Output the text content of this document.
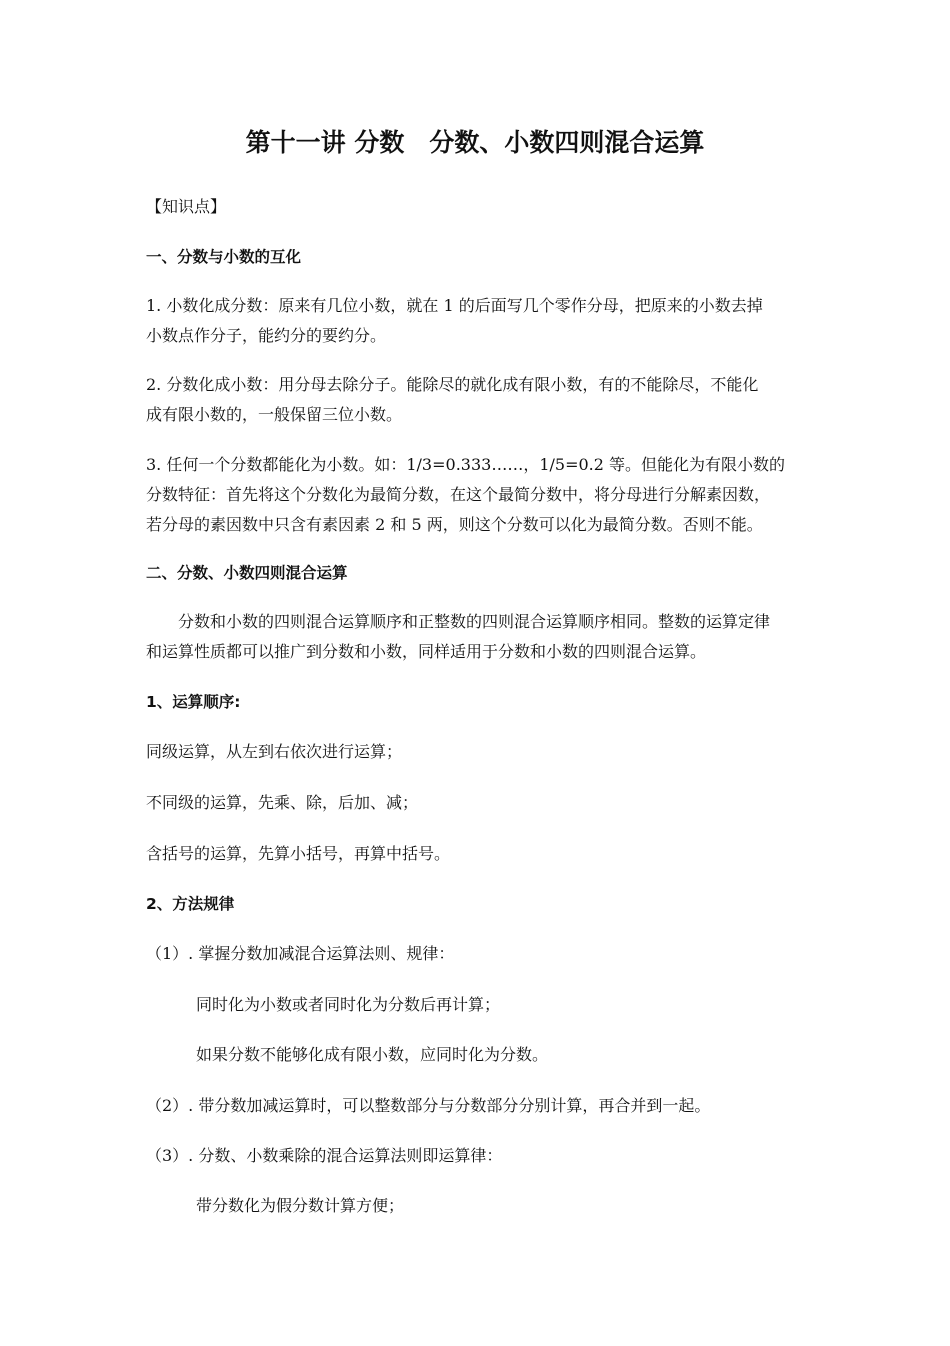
第十一讲 分数　分数、小数四则混合运算

【知识点】

一、分数与小数的互化

1. 小数化成分数：原来有几位小数，就在 1 的后面写几个零作分母，把原来的小数去掉
小数点作分子，能约分的要约分。
2. 分数化成小数：用分母去除分子。能除尽的就化成有限小数，有的不能除尽，不能化
成有限小数的，一般保留三位小数。
3. 任何一个分数都能化为小数。如：1/3=0.333……，1/5=0.2 等。但能化为有限小数的
分数特征：首先将这个分数化为最简分数，在这个最简分数中，将分母进行分解素因数，
若分母的素因数中只含有素因素 2 和 5 两，则这个分数可以化为最简分数。否则不能。

二、分数、小数四则混合运算

分数和小数的四则混合运算顺序和正整数的四则混合运算顺序相同。整数的运算定律
和运算性质都可以推广到分数和小数，同样适用于分数和小数的四则混合运算。

1、运算顺序:

同级运算，从左到右依次进行运算；

不同级的运算，先乘、除，后加、减；

含括号的运算，先算小括号，再算中括号。

2、方法规律

（1）. 掌握分数加减混合运算法则、规律：

同时化为小数或者同时化为分数后再计算；

如果分数不能够化成有限小数，应同时化为分数。

（2）. 带分数加减运算时，可以整数部分与分数部分分别计算，再合并到一起。

（3）. 分数、小数乘除的混合运算法则即运算律：

带分数化为假分数计算方便；
